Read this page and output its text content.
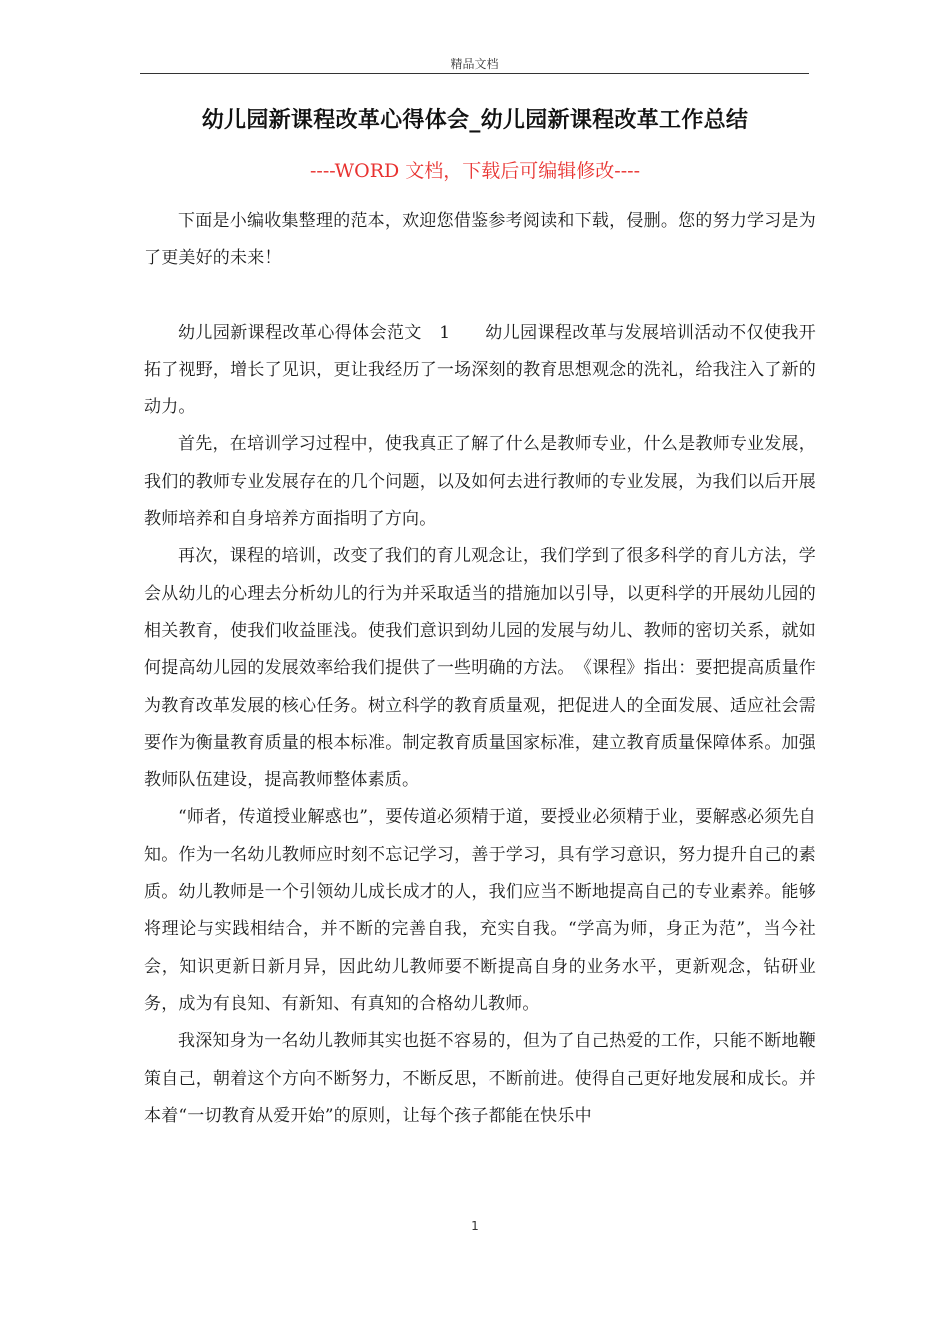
精品文档
幼儿园新课程改革心得体会_幼儿园新课程改革工作总结
----WORD 文档，下载后可编辑修改----

下面是小编收集整理的范本，欢迎您借鉴参考阅读和下载，侵删。您的努力学习是为了更美好的未来！

幼儿园新课程改革心得体会范文　1　　幼儿园课程改革与发展培训活动不仅使我开拓了视野，增长了见识，更让我经历了一场深刻的教育思想观念的洗礼，给我注入了新的动力。

首先，在培训学习过程中，使我真正了解了什么是教师专业，什么是教师专业发展，我们的教师专业发展存在的几个问题，以及如何去进行教师的专业发展，为我们以后开展教师培养和自身培养方面指明了方向。

再次，课程的培训，改变了我们的育儿观念让，我们学到了很多科学的育儿方法，学会从幼儿的心理去分析幼儿的行为并采取适当的措施加以引导，以更科学的开展幼儿园的相关教育，使我们收益匪浅。使我们意识到幼儿园的发展与幼儿、教师的密切关系，就如何提高幼儿园的发展效率给我们提供了一些明确的方法。　《课程》指出：要把提高质量作为教育改革发展的核心任务。树立科学的教育质量观，把促进人的全面发展、适应社会需要作为衡量教育质量的根本标准。制定教育质量国家标准，建立教育质量保障体系。加强教师队伍建设，提高教师整体素质。

“师者，传道授业解惑也”，要传道必须精于道，要授业必须精于业，要解惑必须先自知。作为一名幼儿教师应时刻不忘记学习，善于学习，具有学习意识，努力提升自己的素质。幼儿教师是一个引领幼儿成长成才的人，我们应当不断地提高自己的专业素养。能够将理论与实践相结合，并不断的完善自我，充实自我。“学高为师，身正为范”，当今社会，知识更新日新月异，因此幼儿教师要不断提高自身的业务水平，更新观念，钻研业务，成为有良知、有新知、有真知的合格幼儿教师。

我深知身为一名幼儿教师其实也挺不容易的，但为了自己热爱的工作，只能不断地鞭策自己，朝着这个方向不断努力，不断反思，不断前进。使得自己更好地发展和成长。并本着“一切教育从爱开始”的原则，让每个孩子都能在快乐中

1
